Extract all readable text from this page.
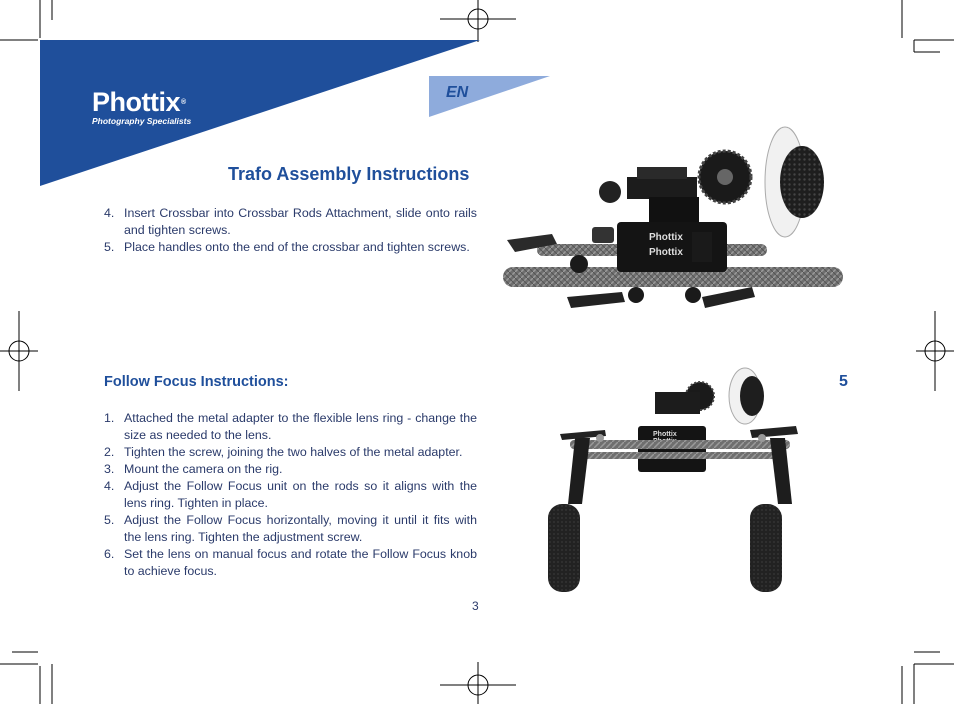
Phottix®
Photography Specialists
EN
Trafo Assembly Instructions
4. Insert Crossbar into Crossbar Rods Attachment, slide onto rails and tighten screws.
5. Place handles onto the end of the crossbar and tighten screws.
Follow Focus Instructions:
1. Attached the metal adapter to the flexible lens ring - change the size as needed to the lens.
2. Tighten the screw, joining the two halves of the metal adapter.
3. Mount the camera on the rig.
4. Adjust the Follow Focus unit on the rods so it aligns with the lens ring. Tighten in place.
5. Adjust the Follow Focus horizontally, moving it until it fits with the lens ring. Tighten the adjustment screw.
6. Set the lens on manual focus and rotate the Follow Focus knob to achieve focus.
5
3
Phottix
Phottix
Phottix
